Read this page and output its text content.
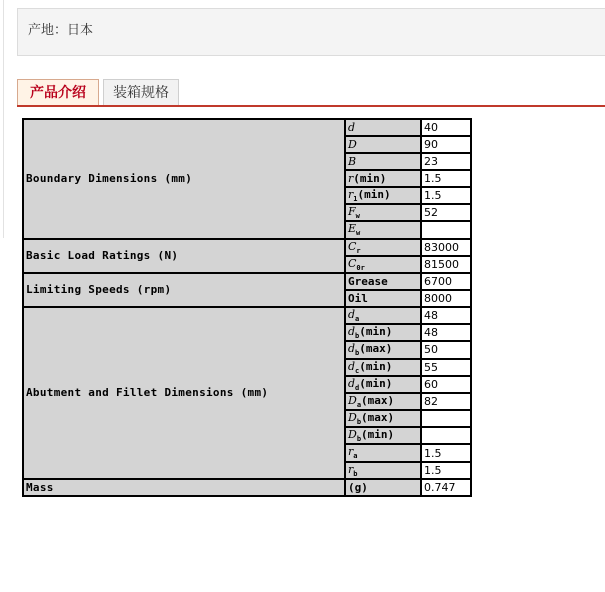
产地：日本
产品介绍	装箱规格
Boundary Dimensions (mm)	d	40
	D	90
	B	23
	r(min)	1.5
	$r_1(\min)$	1.5
	$F_w$	52
	$E_w$	
Basic Load Ratings (N)	$C_r$	83000
	$C_{0r}$	81500
Limiting Speeds (rpm)	Grease	6700
	Oil	8000
Abutment and Fillet Dimensions (mm)	$d_a$	48
	$d_b(\min)$	48
	$d_b(\max)$	50
	$d_c(\min)$	55
	$d_d(\min)$	60
	$D_a(\max)$	82
	$D_b(\max)$	
	$D_b(\min)$	
	$r_a$	1.5
	$r_b$	1.5
Mass	(g)	0.747
shop1486208...com
